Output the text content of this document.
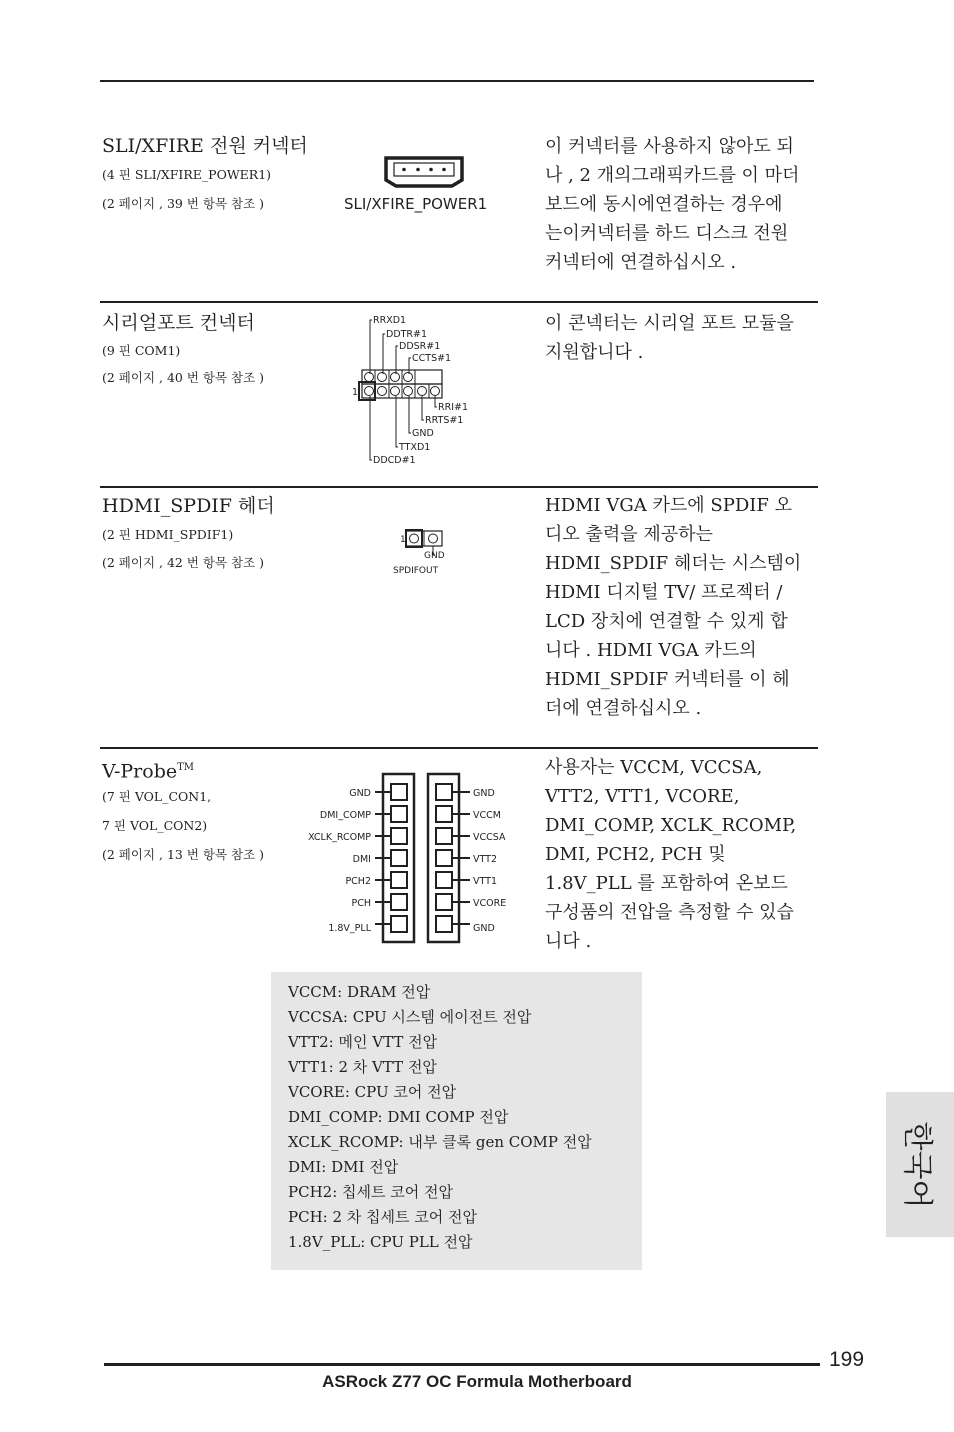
SLI/XFIRE 전원 커넥터
(4 핀 SLI/XFIRE_POWER1)
(2 페이지 , 39 번 항목 참조 )	SLI/XFIRE_POWER1
이 커넥터를 사용하지 않아도 되
나 , 2 개의그래픽카드를 이 마더
보드에 동시에연결하는 경우에
는이커넥터를 하드 디스크 전원
커넥터에 연결하십시오 .
시리얼포트 컨넥터
(9 핀 COM1)
(2 페이지 , 40 번 항목 참조 )
1
RRXD1
DDTR#1
DDSR#1
CCTS#1
RRI#1
RRTS#1
GND
TTXD1
DDCD#1
이 콘넥터는 시리얼 포트 모듈을
지원합니다 .
HDMI_SPDIF 헤더
(2 핀 HDMI_SPDIF1)
(2 페이지 , 42 번 항목 참조 )
1
GND
SPDIFOUT
HDMI VGA 카드에 SPDIF 오
디오 출력을 제공하는
HDMI_SPDIF 헤더는 시스템이
HDMI 디지털 TV/ 프로젝터 /
LCD 장치에 연결할 수 있게 합
니다 . HDMI VGA 카드의
HDMI_SPDIF 커넥터를 이 헤
더에 연결하십시오 .
V-Probe™
(7 핀 VOL_CON1,
7 핀 VOL_CON2)
(2 페이지 , 13 번 항목 참조 )
GND
DMI_COMP
XCLK_RCOMP
DMI
PCH2
PCH
1.8V_PLL
GND
VCCM
VCCSA
VTT2
VTT1
VCORE
GND
사용자는 VCCM, VCCSA,
VTT2, VTT1, VCORE,
DMI_COMP, XCLK_RCOMP,
DMI, PCH2, PCH 및
1.8V_PLL 를 포함하여 온보드
구성품의 전압을 측정할 수 있습
니다 .
VCCM: DRAM 전압
VCCSA: CPU 시스템 에이전트 전압
VTT2: 메인 VTT 전압
VTT1: 2 차 VTT 전압
VCORE: CPU 코어 전압
DMI_COMP: DMI COMP 전압
XCLK_RCOMP: 내부 클록 gen COMP 전압
DMI: DMI 전압
PCH2: 칩세트 코어 전압
PCH: 2 차 칩세트 코어 전압
1.8V_PLL: CPU PLL 전압
한국어
199
ASRock Z77 OC Formula Motherboard
